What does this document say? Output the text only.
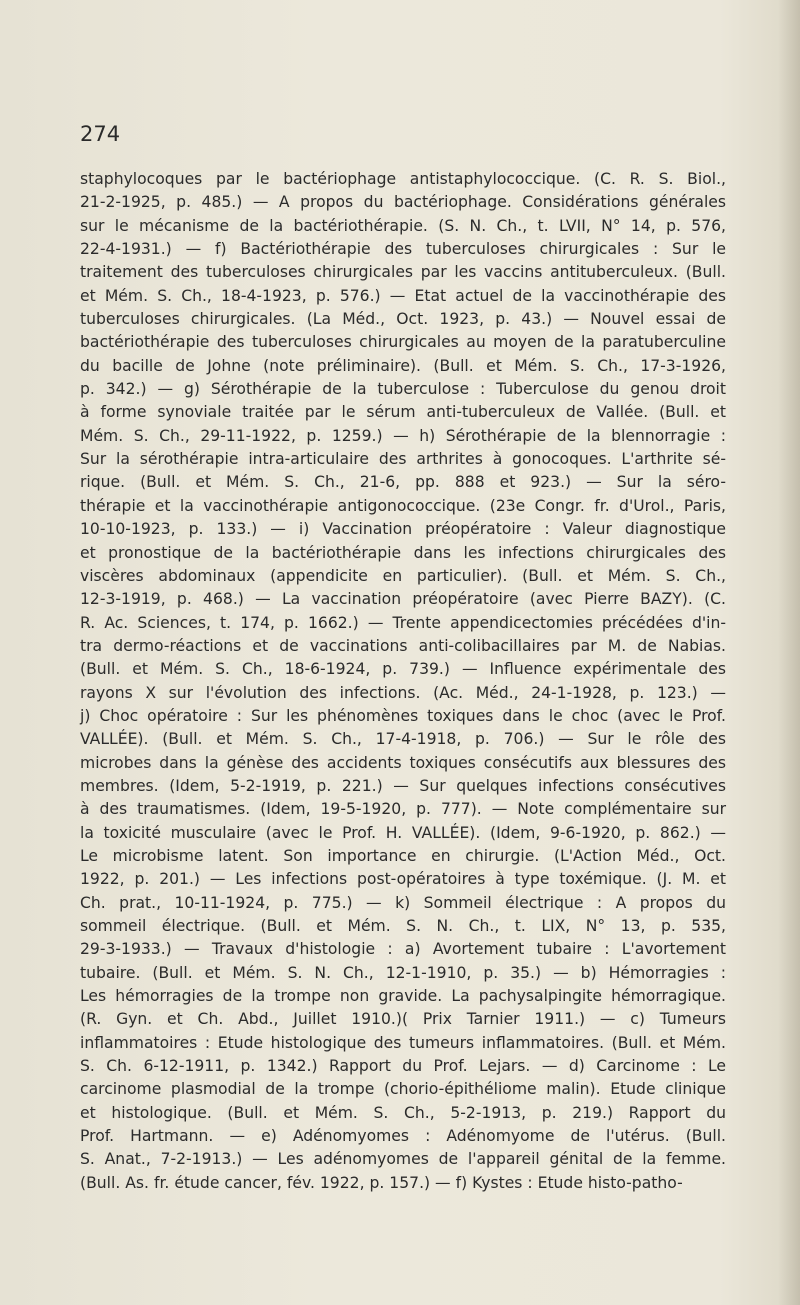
274
staphylocoques par le bactériophage antistaphylococcique. (C. R. S. Biol.,
21-2-1925, p. 485.) — A propos du bactériophage. Considérations générales
sur le mécanisme de la bactériothérapie. (S. N. Ch., t. LVII, N° 14, p. 576,
22-4-1931.) — f) Bactériothérapie des tuberculoses chirurgicales : Sur le
traitement des tuberculoses chirurgicales par les vaccins antituberculeux. (Bull.
et Mém. S. Ch., 18-4-1923, p. 576.) — Etat actuel de la vaccinothérapie des
tuberculoses chirurgicales. (La Méd., Oct. 1923, p. 43.) — Nouvel essai de
bactériothérapie des tuberculoses chirurgicales au moyen de la paratuberculine
du bacille de Johne (note préliminaire). (Bull. et Mém. S. Ch., 17-3-1926,
p. 342.) — g) Sérothérapie de la tuberculose : Tuberculose du genou droit
à forme synoviale traitée par le sérum anti-tuberculeux de Vallée. (Bull. et
Mém. S. Ch., 29-11-1922, p. 1259.) — h) Sérothérapie de la blennorragie :
Sur la sérothérapie intra-articulaire des arthrites à gonocoques. L'arthrite sé-
rique. (Bull. et Mém. S. Ch., 21-6, pp. 888 et 923.) — Sur la séro-
thérapie et la vaccinothérapie antigonococcique. (23e Congr. fr. d'Urol., Paris,
10-10-1923, p. 133.) — i) Vaccination préopératoire : Valeur diagnostique
et pronostique de la bactériothérapie dans les infections chirurgicales des
viscères abdominaux (appendicite en particulier). (Bull. et Mém. S. Ch.,
12-3-1919, p. 468.) — La vaccination préopératoire (avec Pierre BAZY). (C.
R. Ac. Sciences, t. 174, p. 1662.) — Trente appendicectomies précédées d'in-
tra dermo-réactions et de vaccinations anti-colibacillaires par M. de Nabias.
(Bull. et Mém. S. Ch., 18-6-1924, p. 739.) — Influence expérimentale des
rayons X sur l'évolution des infections. (Ac. Méd., 24-1-1928, p. 123.) —
j) Choc opératoire : Sur les phénomènes toxiques dans le choc (avec le Prof.
VALLÉE). (Bull. et Mém. S. Ch., 17-4-1918, p. 706.) — Sur le rôle des
microbes dans la génèse des accidents toxiques consécutifs aux blessures des
membres. (Idem, 5-2-1919, p. 221.) — Sur quelques infections consécutives
à des traumatismes. (Idem, 19-5-1920, p. 777). — Note complémentaire sur
la toxicité musculaire (avec le Prof. H. VALLÉE). (Idem, 9-6-1920, p. 862.) —
Le microbisme latent. Son importance en chirurgie. (L'Action Méd., Oct.
1922, p. 201.) — Les infections post-opératoires à type toxémique. (J. M. et
Ch. prat., 10-11-1924, p. 775.) — k) Sommeil électrique : A propos du
sommeil électrique. (Bull. et Mém. S. N. Ch., t. LIX, N° 13, p. 535,
29-3-1933.) — Travaux d'histologie : a) Avortement tubaire : L'avortement
tubaire. (Bull. et Mém. S. N. Ch., 12-1-1910, p. 35.) — b) Hémorragies :
Les hémorragies de la trompe non gravide. La pachysalpingite hémorragique.
(R. Gyn. et Ch. Abd., Juillet 1910.)( Prix Tarnier 1911.) — c) Tumeurs
inflammatoires : Etude histologique des tumeurs inflammatoires. (Bull. et Mém.
S. Ch. 6-12-1911, p. 1342.) Rapport du Prof. Lejars. — d) Carcinome : Le
carcinome plasmodial de la trompe (chorio-épithéliome malin). Etude clinique
et histologique. (Bull. et Mém. S. Ch., 5-2-1913, p. 219.) Rapport du
Prof. Hartmann. — e) Adénomyomes : Adénomyome de l'utérus. (Bull.
S. Anat., 7-2-1913.) — Les adénomyomes de l'appareil génital de la femme.
(Bull. As. fr. étude cancer, fév. 1922, p. 157.) — f) Kystes : Etude histo-patho-
